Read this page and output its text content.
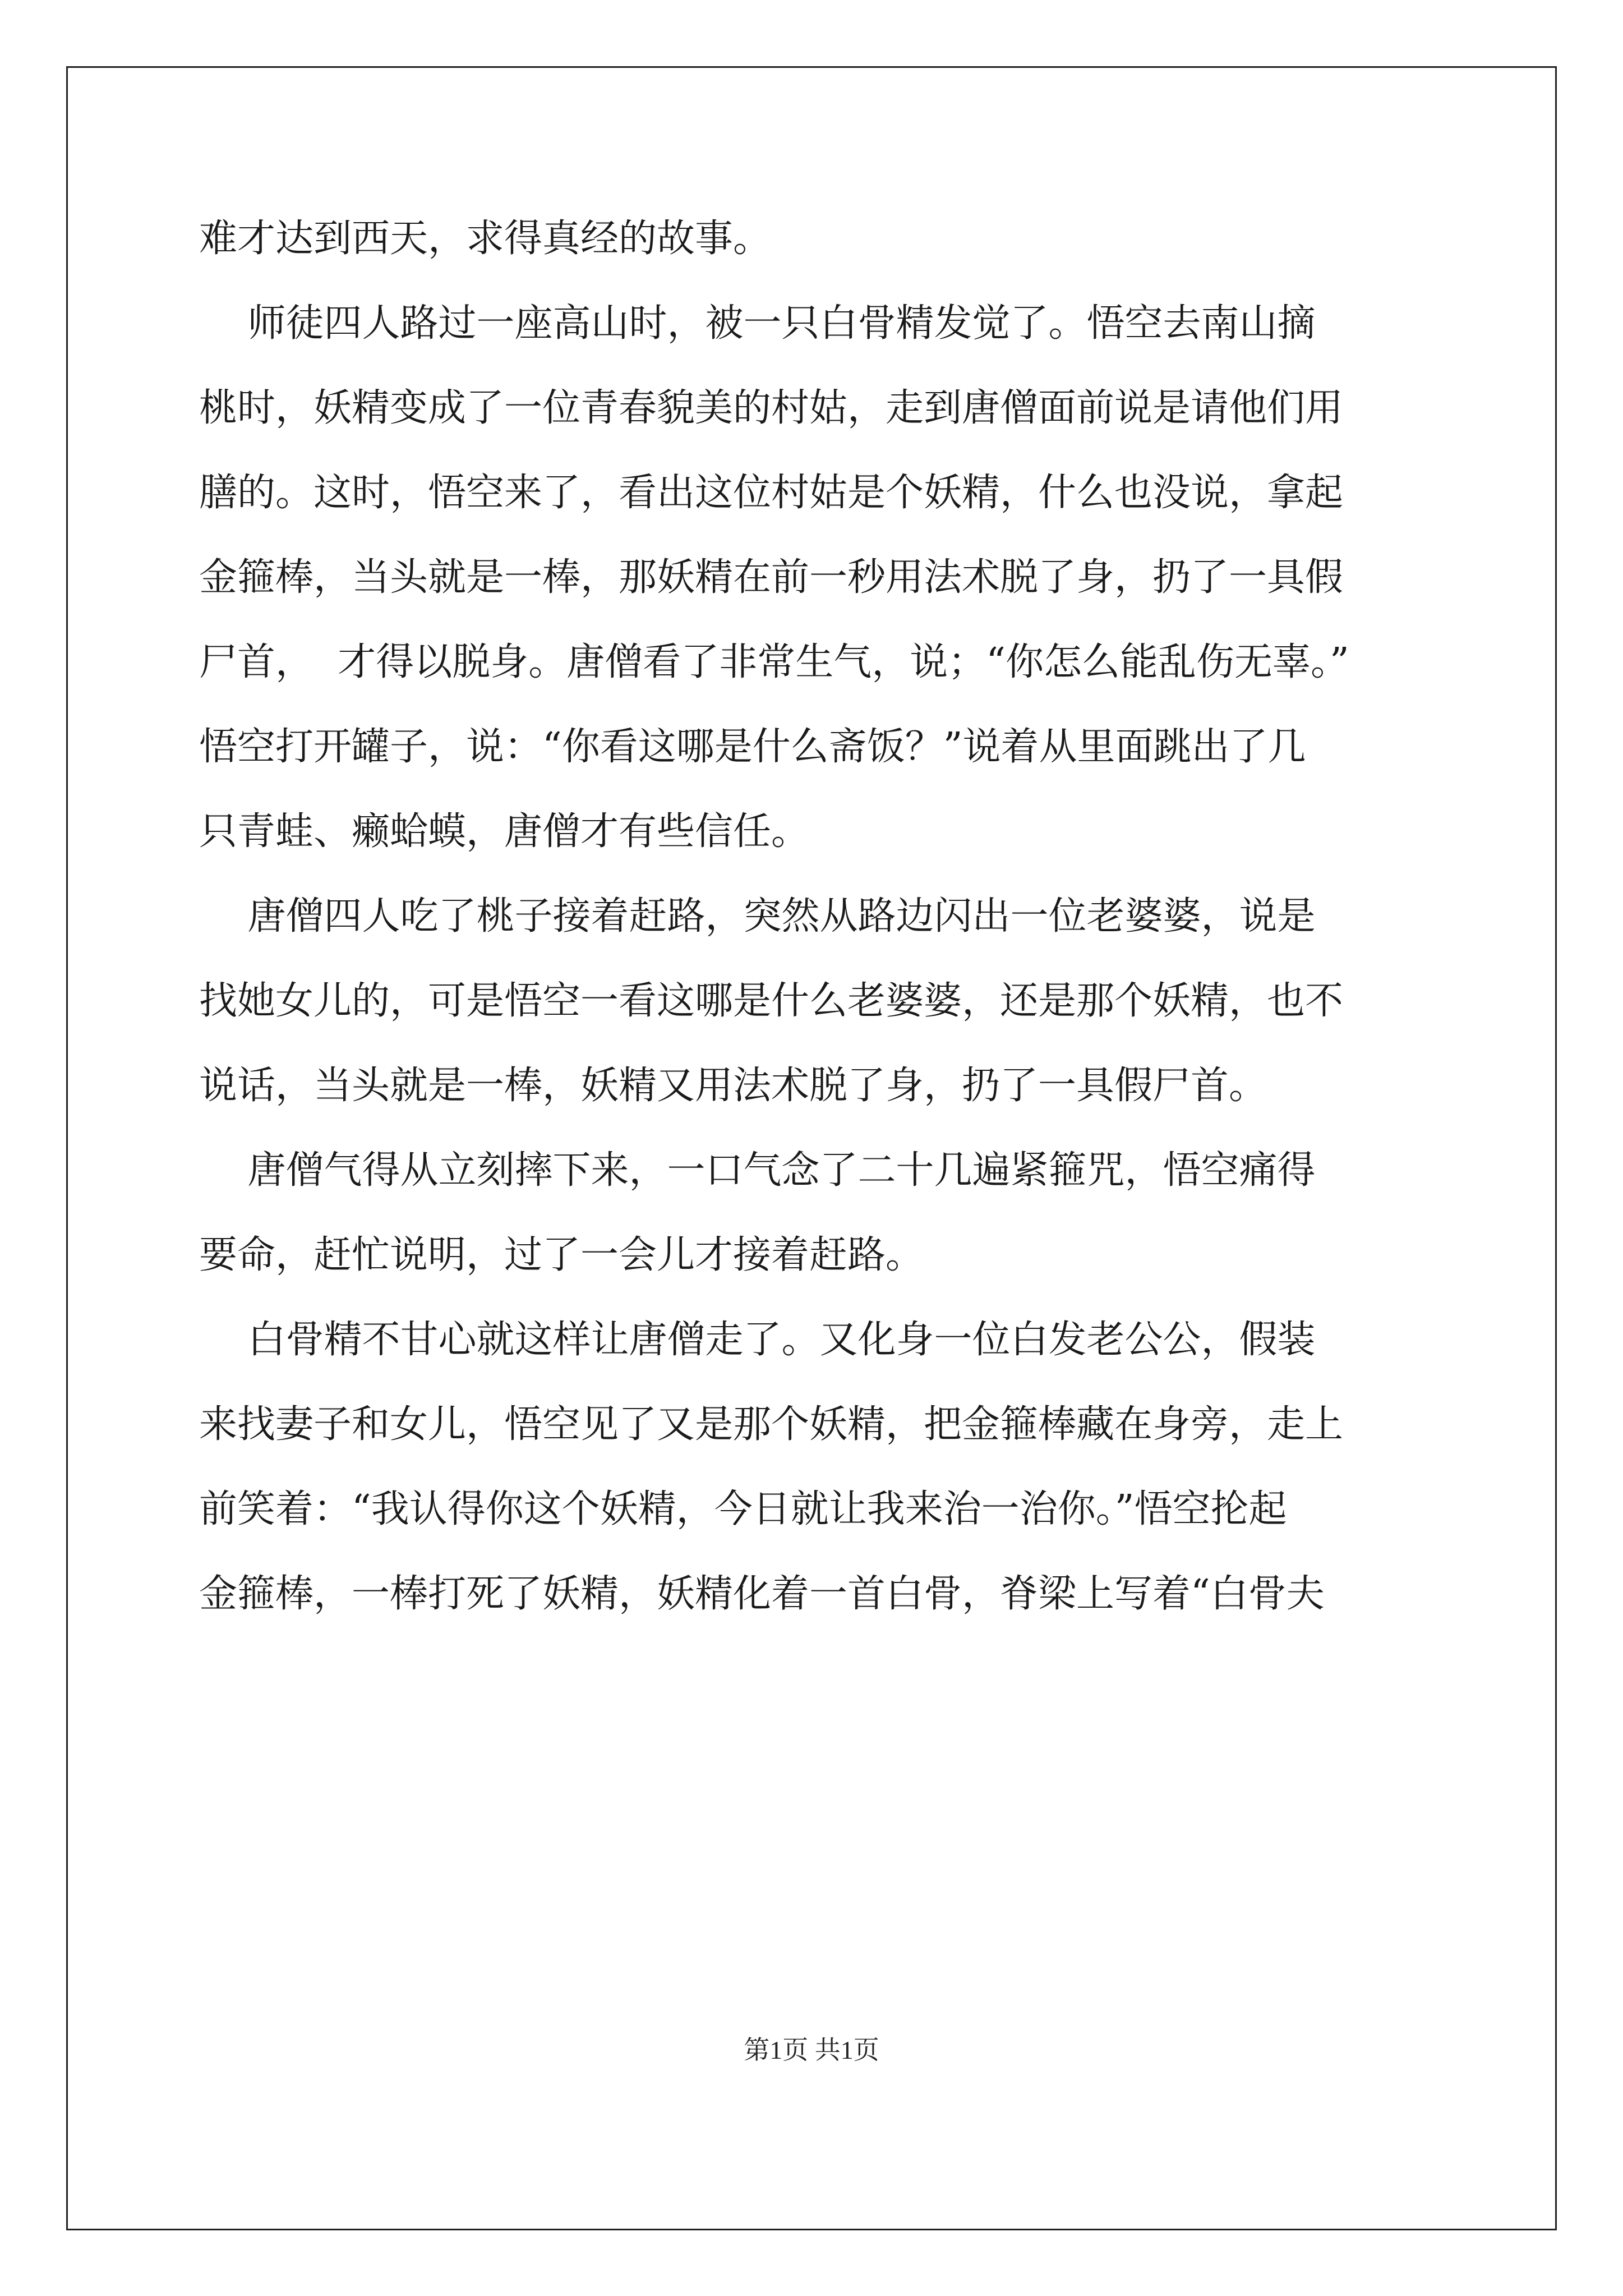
难才达到西天，求得真经的故事。
师徒四人路过一座高山时，被一只白骨精发觉了。悟空去南山摘
桃时，妖精变成了一位青春貌美的村姑，走到唐僧面前说是请他们用
膳的。这时，悟空来了，看出这位村姑是个妖精，什么也没说，拿起
金箍棒，当头就是一棒，那妖精在前一秒用法术脱了身，扔了一具假
尸首，  才得以脱身。唐僧看了非常生气，说；“你怎么能乱伤无辜。”
悟空打开罐子，说：“你看这哪是什么斋饭？”说着从里面跳出了几
只青蛙、癞蛤蟆，唐僧才有些信任。
唐僧四人吃了桃子接着赶路，突然从路边闪出一位老婆婆，说是
找她女儿的，可是悟空一看这哪是什么老婆婆，还是那个妖精，也不
说话，当头就是一棒，妖精又用法术脱了身，扔了一具假尸首。
唐僧气得从立刻摔下来，一口气念了二十几遍紧箍咒，悟空痛得
要命，赶忙说明，过了一会儿才接着赶路。
白骨精不甘心就这样让唐僧走了。又化身一位白发老公公，假装
来找妻子和女儿，悟空见了又是那个妖精，把金箍棒藏在身旁，走上
前笑着：“我认得你这个妖精，今日就让我来治一治你。”悟空抡起
金箍棒，一棒打死了妖精，妖精化着一首白骨，脊梁上写着“白骨夫
第1页 共1页
